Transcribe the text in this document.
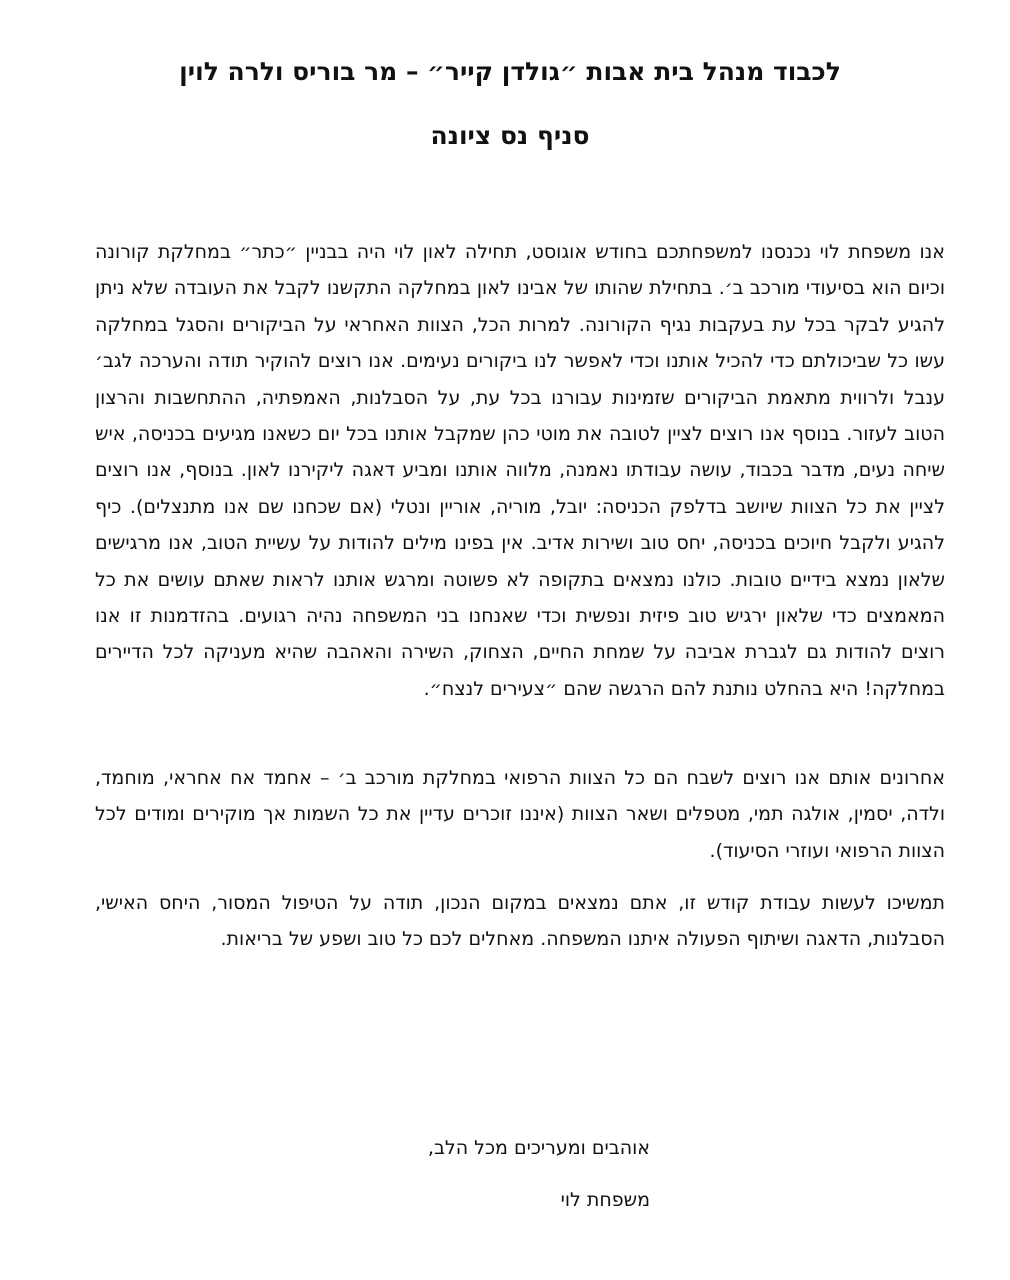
לכבוד מנהל בית אבות ״גולדן קייר״ – מר בוריס ולרה לוין
סניף נס ציונה

אנו משפחת לוי נכנסנו למשפחתכם בחודש אוגוסט, תחילה לאון לוי היה בבניין ״כתר״ במחלקת קורונה וכיום הוא בסיעודי מורכב ב׳. בתחילת שהותו של אבינו לאון במחלקה התקשנו לקבל את העובדה שלא ניתן להגיע לבקר בכל עת בעקבות נגיף הקורונה. למרות הכל, הצוות האחראי על הביקורים והסגל במחלקה עשו כל שביכולתם כדי להכיל אותנו וכדי לאפשר לנו ביקורים נעימים. אנו רוצים להוקיר תודה והערכה לגב׳ ענבל ולרווית מתאמת הביקורים שזמינות עבורנו בכל עת, על הסבלנות, האמפתיה, ההתחשבות והרצון הטוב לעזור. בנוסף אנו רוצים לציין לטובה את מוטי כהן שמקבל אותנו בכל יום כשאנו מגיעים בכניסה, איש שיחה נעים, מדבר בכבוד, עושה עבודתו נאמנה, מלווה אותנו ומביע דאגה ליקירנו לאון. בנוסף, אנו רוצים לציין את כל הצוות שיושב בדלפק הכניסה: יובל, מוריה, אוריין ונטלי (אם שכחנו שם אנו מתנצלים). כיף להגיע ולקבל חיוכים בכניסה, יחס טוב ושירות אדיב. אין בפינו מילים להודות על עשיית הטוב, אנו מרגישים שלאון נמצא בידיים טובות. כולנו נמצאים בתקופה לא פשוטה ומרגש אותנו לראות שאתם עושים את כל המאמצים כדי שלאון ירגיש טוב פיזית ונפשית וכדי שאנחנו בני המשפחה נהיה רגועים. בהזדמנות זו אנו רוצים להודות גם לגברת אביבה על שמחת החיים, הצחוק, השירה והאהבה שהיא מעניקה לכל הדיירים במחלקה! היא בהחלט נותנת להם הרגשה שהם ״צעירים לנצח״.

אחרונים אותם אנו רוצים לשבח הם כל הצוות הרפואי במחלקת מורכב ב׳ – אחמד אח אחראי, מוחמד, ולדה, יסמין, אולגה תמי, מטפלים ושאר הצוות (איננו זוכרים עדיין את כל השמות אך מוקירים ומודים לכל הצוות הרפואי ועוזרי הסיעוד).

תמשיכו לעשות עבודת קודש זו, אתם נמצאים במקום הנכון, תודה על הטיפול המסור, היחס האישי, הסבלנות, הדאגה ושיתוף הפעולה איתנו המשפחה. מאחלים לכם כל טוב ושפע של בריאות.

אוהבים ומעריכים מכל הלב,

משפחת לוי
